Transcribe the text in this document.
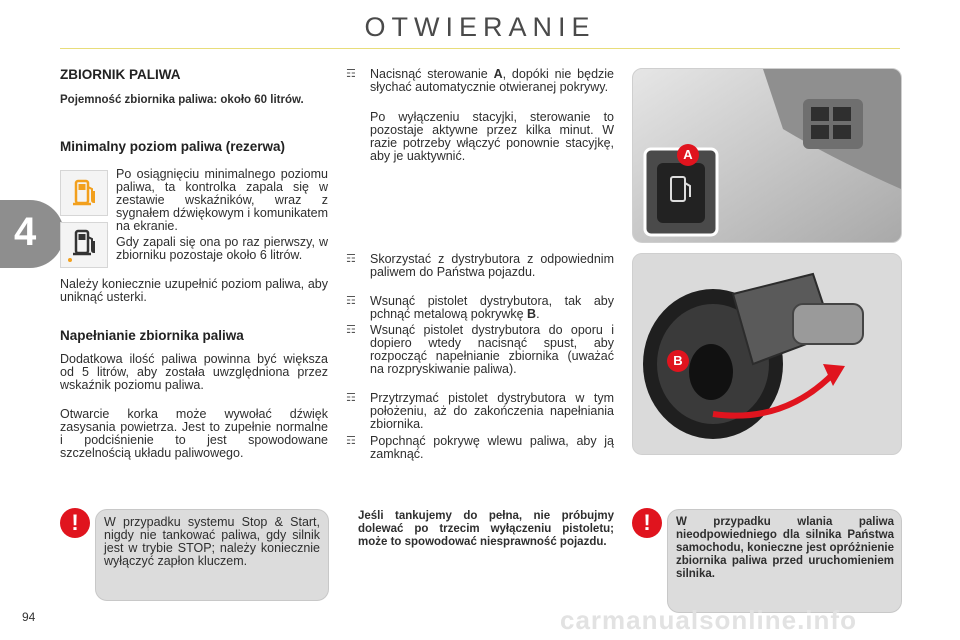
OTWIERANIE
4
ZBIORNIK PALIWA
Pojemność zbiornika paliwa: około 60 litrów.
Minimalny poziom paliwa (rezerwa)
Po osiągnięciu minimalnego poziomu paliwa, ta kontrolka zapala się w zestawie wskaźników, wraz z sygnałem dźwiękowym i komunikatem na ekranie.
Gdy zapali się ona po raz pierwszy, w zbiorniku pozostaje około 6 litrów.
Należy koniecznie uzupełnić poziom paliwa, aby uniknąć usterki.
Napełnianie zbiornika paliwa
Dodatkowa ilość paliwa powinna być większa od 5 litrów, aby została uwzględniona przez wskaźnik poziomu paliwa.
Otwarcie korka może wywołać dźwięk zasysania powietrza. Jest to zupełnie normalne i podciśnienie to jest spowodowane szczelnością układu paliwowego.
☶ Nacisnąć sterowanie A, dopóki nie będzie słychać automatycznie otwieranej pokrywy.
Po wyłączeniu stacyjki, sterowanie to pozostaje aktywne przez kilka minut. W razie potrzeby włączyć ponownie stacyjkę, aby je uaktywnić.
☶ Skorzystać z dystrybutora z odpowiednim paliwem do Państwa pojazdu.
☶ Wsunąć pistolet dystrybutora, tak aby pchnąć metalową pokrywkę B.
☶ Wsunąć pistolet dystrybutora do oporu i dopiero wtedy nacisnąć spust, aby rozpocząć napełnianie zbiornika (uważać na rozpryskiwanie paliwa).
☶ Przytrzymać pistolet dystrybutora w tym położeniu, aż do zakończenia napełniania zbiornika.
☶ Popchnąć pokrywę wlewu paliwa, aby ją zamknąć.
Jeśli tankujemy do pełna, nie próbujmy dolewać po trzecim wyłączeniu pistoletu; może to spowodować niesprawność pojazdu.
A
B
!	W przypadku systemu Stop & Start, nigdy nie tankować paliwa, gdy silnik jest w trybie STOP; należy koniecznie wyłączyć zapłon kluczem.
!	W przypadku wlania paliwa nieodpowiedniego dla silnika Państwa samochodu, konieczne jest opróżnienie zbiornika paliwa przed uruchomieniem silnika.
94	carmanualsonline.info
